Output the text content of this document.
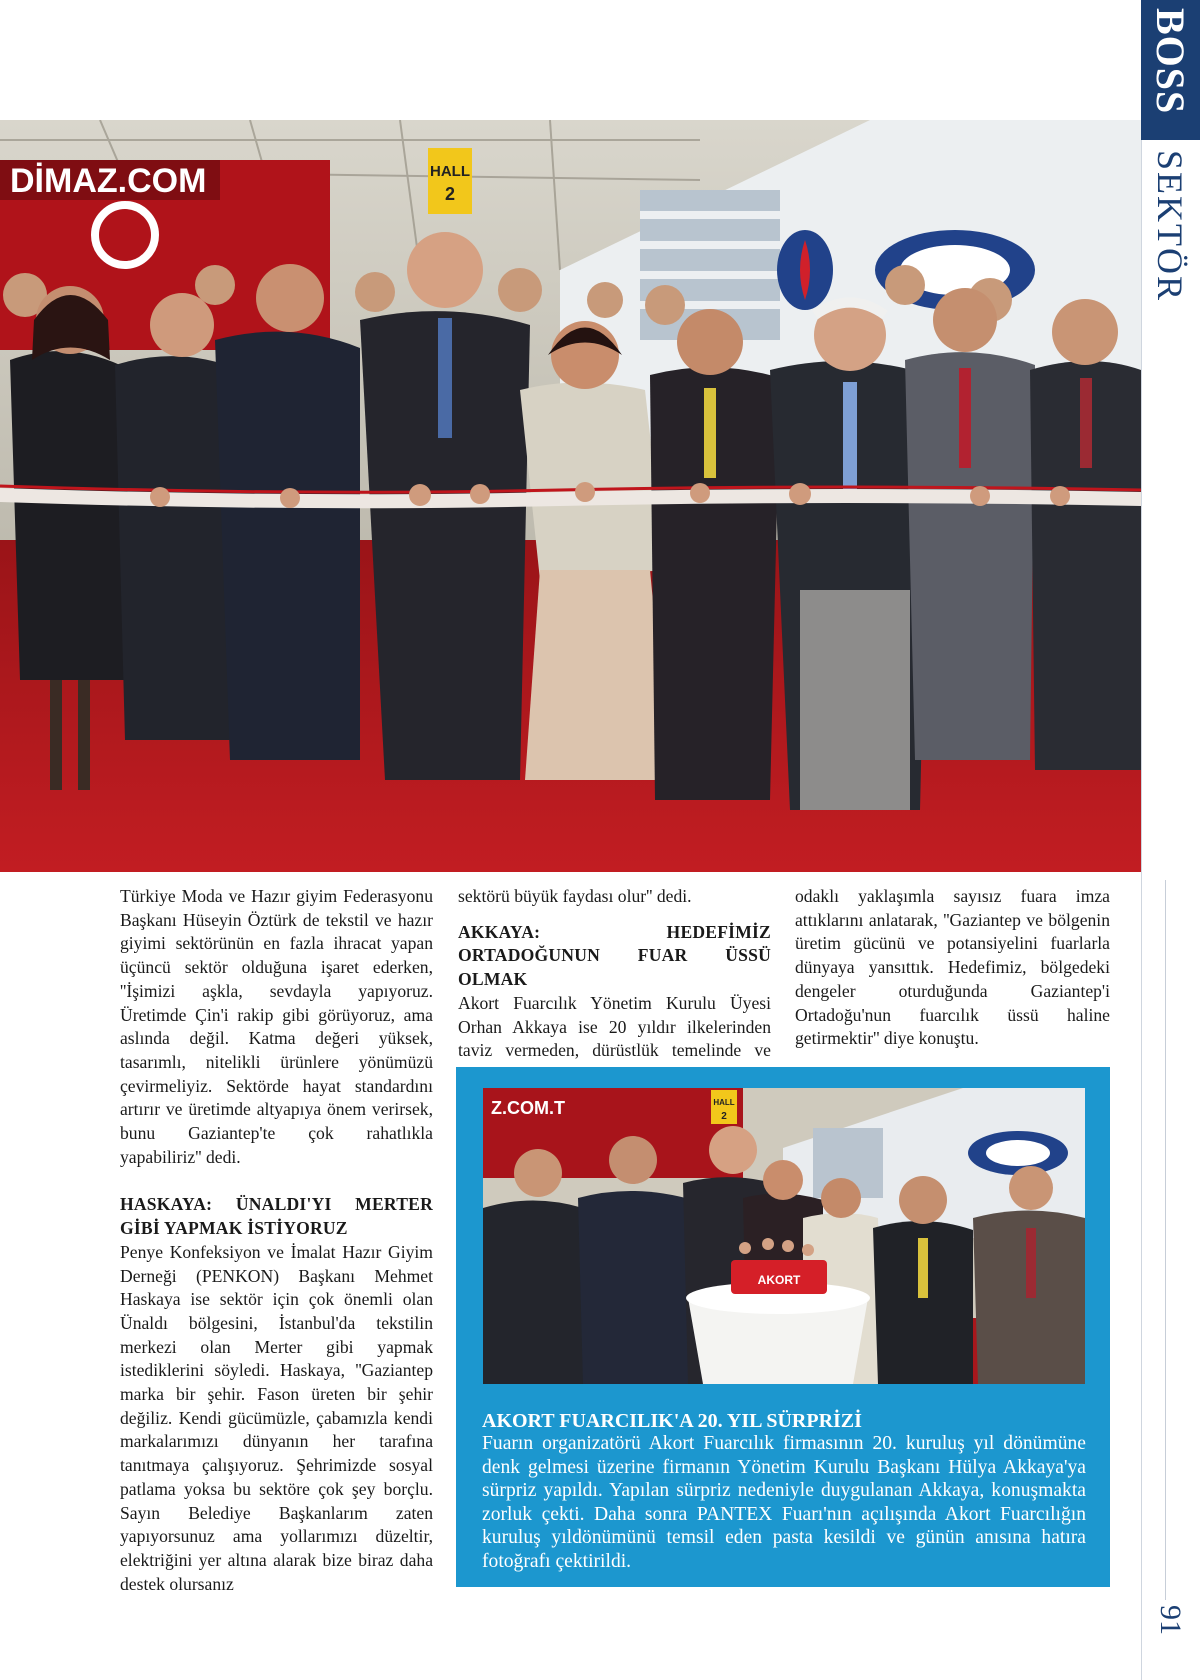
BOSS
SEKTÖR
91
DİMAZ.COM	HALL
2

Türkiye Moda ve Hazır giyim Federasyonu Başkanı Hüseyin Öztürk de tekstil ve hazır giyimi sektörünün en fazla ihracat yapan üçüncü sektör olduğuna işaret ederken, ''İşimizi aşkla, sevdayla yapıyoruz. Üretimde Çin'i rakip gibi görüyoruz, ama aslında değil. Katma değeri yüksek, tasarımlı, nitelikli ürünlere yönümüzü çevirmeliyiz. Sektörde hayat standardını artırır ve üretimde altyapıya önem verirsek, bunu Gaziantep'te çok rahatlıkla yapabiliriz'' dedi.

HASKAYA: ÜNALDI'YI MERTER GİBİ YAPMAK İSTİYORUZ

Penye Konfeksiyon ve İmalat Hazır Giyim Derneği (PENKON) Başkanı Mehmet Haskaya ise sektör için çok önemli olan Ünaldı bölgesini, İstanbul'da tekstilin merkezi olan Merter gibi yapmak istediklerini söyledi. Haskaya, ''Gaziantep marka bir şehir. Fason üreten bir şehir değiliz. Kendi gücümüzle, çabamızla kendi markalarımızı dünyanın her tarafına tanıtmaya çalışıyoruz. Şehrimizde sosyal patlama yoksa bu sektöre çok şey borçlu. Sayın Belediye Başkanlarım zaten yapıyorsunuz ama yollarımızı düzeltir, elektriğini yer altına alarak bize biraz daha destek olursanız

sektörü büyük faydası olur'' dedi.

AKKAYA: HEDEFİMİZ ORTADOĞUNUN FUAR ÜSSÜ OLMAK

Akort Fuarcılık Yönetim Kurulu Üyesi Orhan Akkaya ise 20 yıldır ilkelerinden taviz vermeden, dürüstlük temelinde ve

odaklı yaklaşımla sayısız fuara imza attıklarını anlatarak, ''Gaziantep ve bölgenin üretim gücünü ve potansiyelini fuarlarla dünyaya yansıttık. Hedefimiz, bölgedeki dengeler oturduğunda Gaziantep'i Ortadoğu'nun fuarcılık üssü haline getirmektir'' diye konuştu.

Z.COM.T	HALL
2
AKORT
AKORT FUARCILIK'A 20. YIL SÜRPRİZİ
Fuarın organizatörü Akort Fuarcılık firmasının 20. kuruluş yıl dönümüne denk gelmesi üzerine firmanın Yönetim Kurulu Başkanı Hülya Akkaya'ya sürpriz yapıldı. Yapılan sürpriz nedeniyle duygulanan Akkaya, konuşmakta zorluk çekti. Daha sonra PANTEX Fuarı'nın açılışında Akort Fuarcılığın kuruluş yıldönümünü temsil eden pasta kesildi ve günün anısına hatıra fotoğrafı çektirildi.
